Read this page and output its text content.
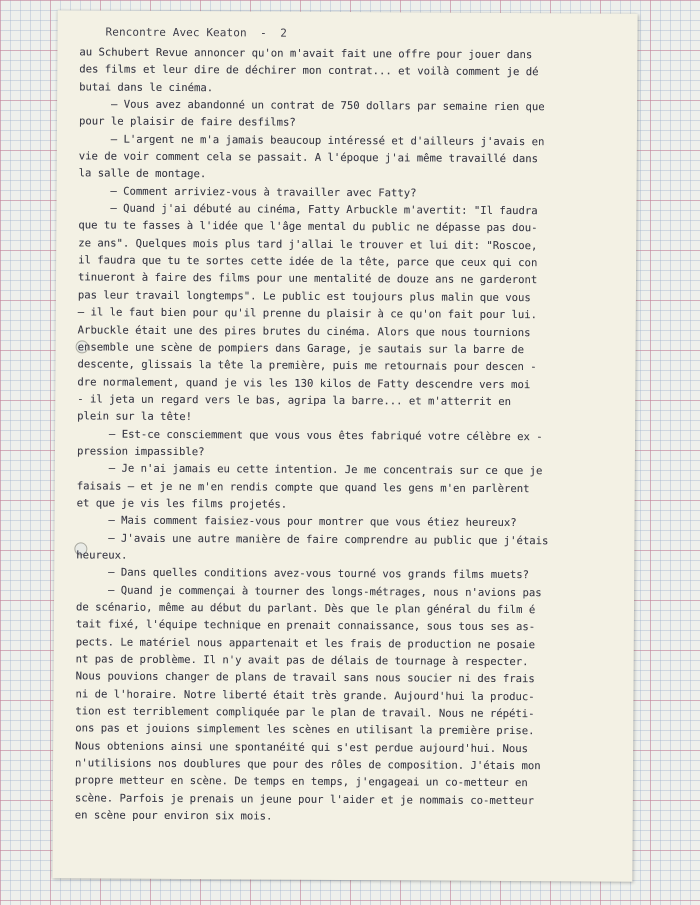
Rencontre Avec Keaton  -  2
au Schubert Revue annoncer qu'on m'avait fait une offre pour jouer dans
des films et leur dire de déchirer mon contrat... et voilà comment je dé
butai dans le cinéma.
— Vous avez abandonné un contrat de 750 dollars par semaine rien que
pour le plaisir de faire desfilms?
— L'argent ne m'a jamais beaucoup intéressé et d'ailleurs j'avais en
vie de voir comment cela se passait. A l'époque j'ai même travaillé dans
la salle de montage.
— Comment arriviez-vous à travailler avec Fatty?
— Quand j'ai débuté au cinéma, Fatty Arbuckle m'avertit: "Il faudra
que tu te fasses à l'idée que l'âge mental du public ne dépasse pas dou-
ze ans". Quelques mois plus tard j'allai le trouver et lui dit: "Roscoe,
il faudra que tu te sortes cette idée de la tête, parce que ceux qui con
tinueront à faire des films pour une mentalité de douze ans ne garderont
pas leur travail longtemps". Le public est toujours plus malin que vous
— il le faut bien pour qu'il prenne du plaisir à ce qu'on fait pour lui.
Arbuckle était une des pires brutes du cinéma. Alors que nous tournions
ensemble une scène de pompiers dans Garage, je sautais sur la barre de
descente, glissais la tête la première, puis me retournais pour descen -
dre normalement, quand je vis les 130 kilos de Fatty descendre vers moi
- il jeta un regard vers le bas, agripa la barre... et m'atterrit en
plein sur la tête!
— Est-ce consciemment que vous vous êtes fabriqué votre célèbre ex -
pression impassible?
— Je n'ai jamais eu cette intention. Je me concentrais sur ce que je
faisais — et je ne m'en rendis compte que quand les gens m'en parlèrent
et que je vis les films projetés.
— Mais comment faisiez-vous pour montrer que vous étiez heureux?
— J'avais une autre manière de faire comprendre au public que j'étais
heureux.
— Dans quelles conditions avez-vous tourné vos grands films muets?
— Quand je commençai à tourner des longs-métrages, nous n'avions pas
de scénario, même au début du parlant. Dès que le plan général du film é
tait fixé, l'équipe technique en prenait connaissance, sous tous ses as-
pects. Le matériel nous appartenait et les frais de production ne posaie
nt pas de problème. Il n'y avait pas de délais de tournage à respecter.
Nous pouvions changer de plans de travail sans nous soucier ni des frais
ni de l'horaire. Notre liberté était très grande. Aujourd'hui la produc-
tion est terriblement compliquée par le plan de travail. Nous ne répéti-
ons pas et jouions simplement les scènes en utilisant la première prise.
Nous obtenions ainsi une spontanéité qui s'est perdue aujourd'hui. Nous
n'utilisions nos doublures que pour des rôles de composition. J'étais mon
propre metteur en scène. De temps en temps, j'engageai un co-metteur en
scène. Parfois je prenais un jeune pour l'aider et je nommais co-metteur
en scène pour environ six mois.
